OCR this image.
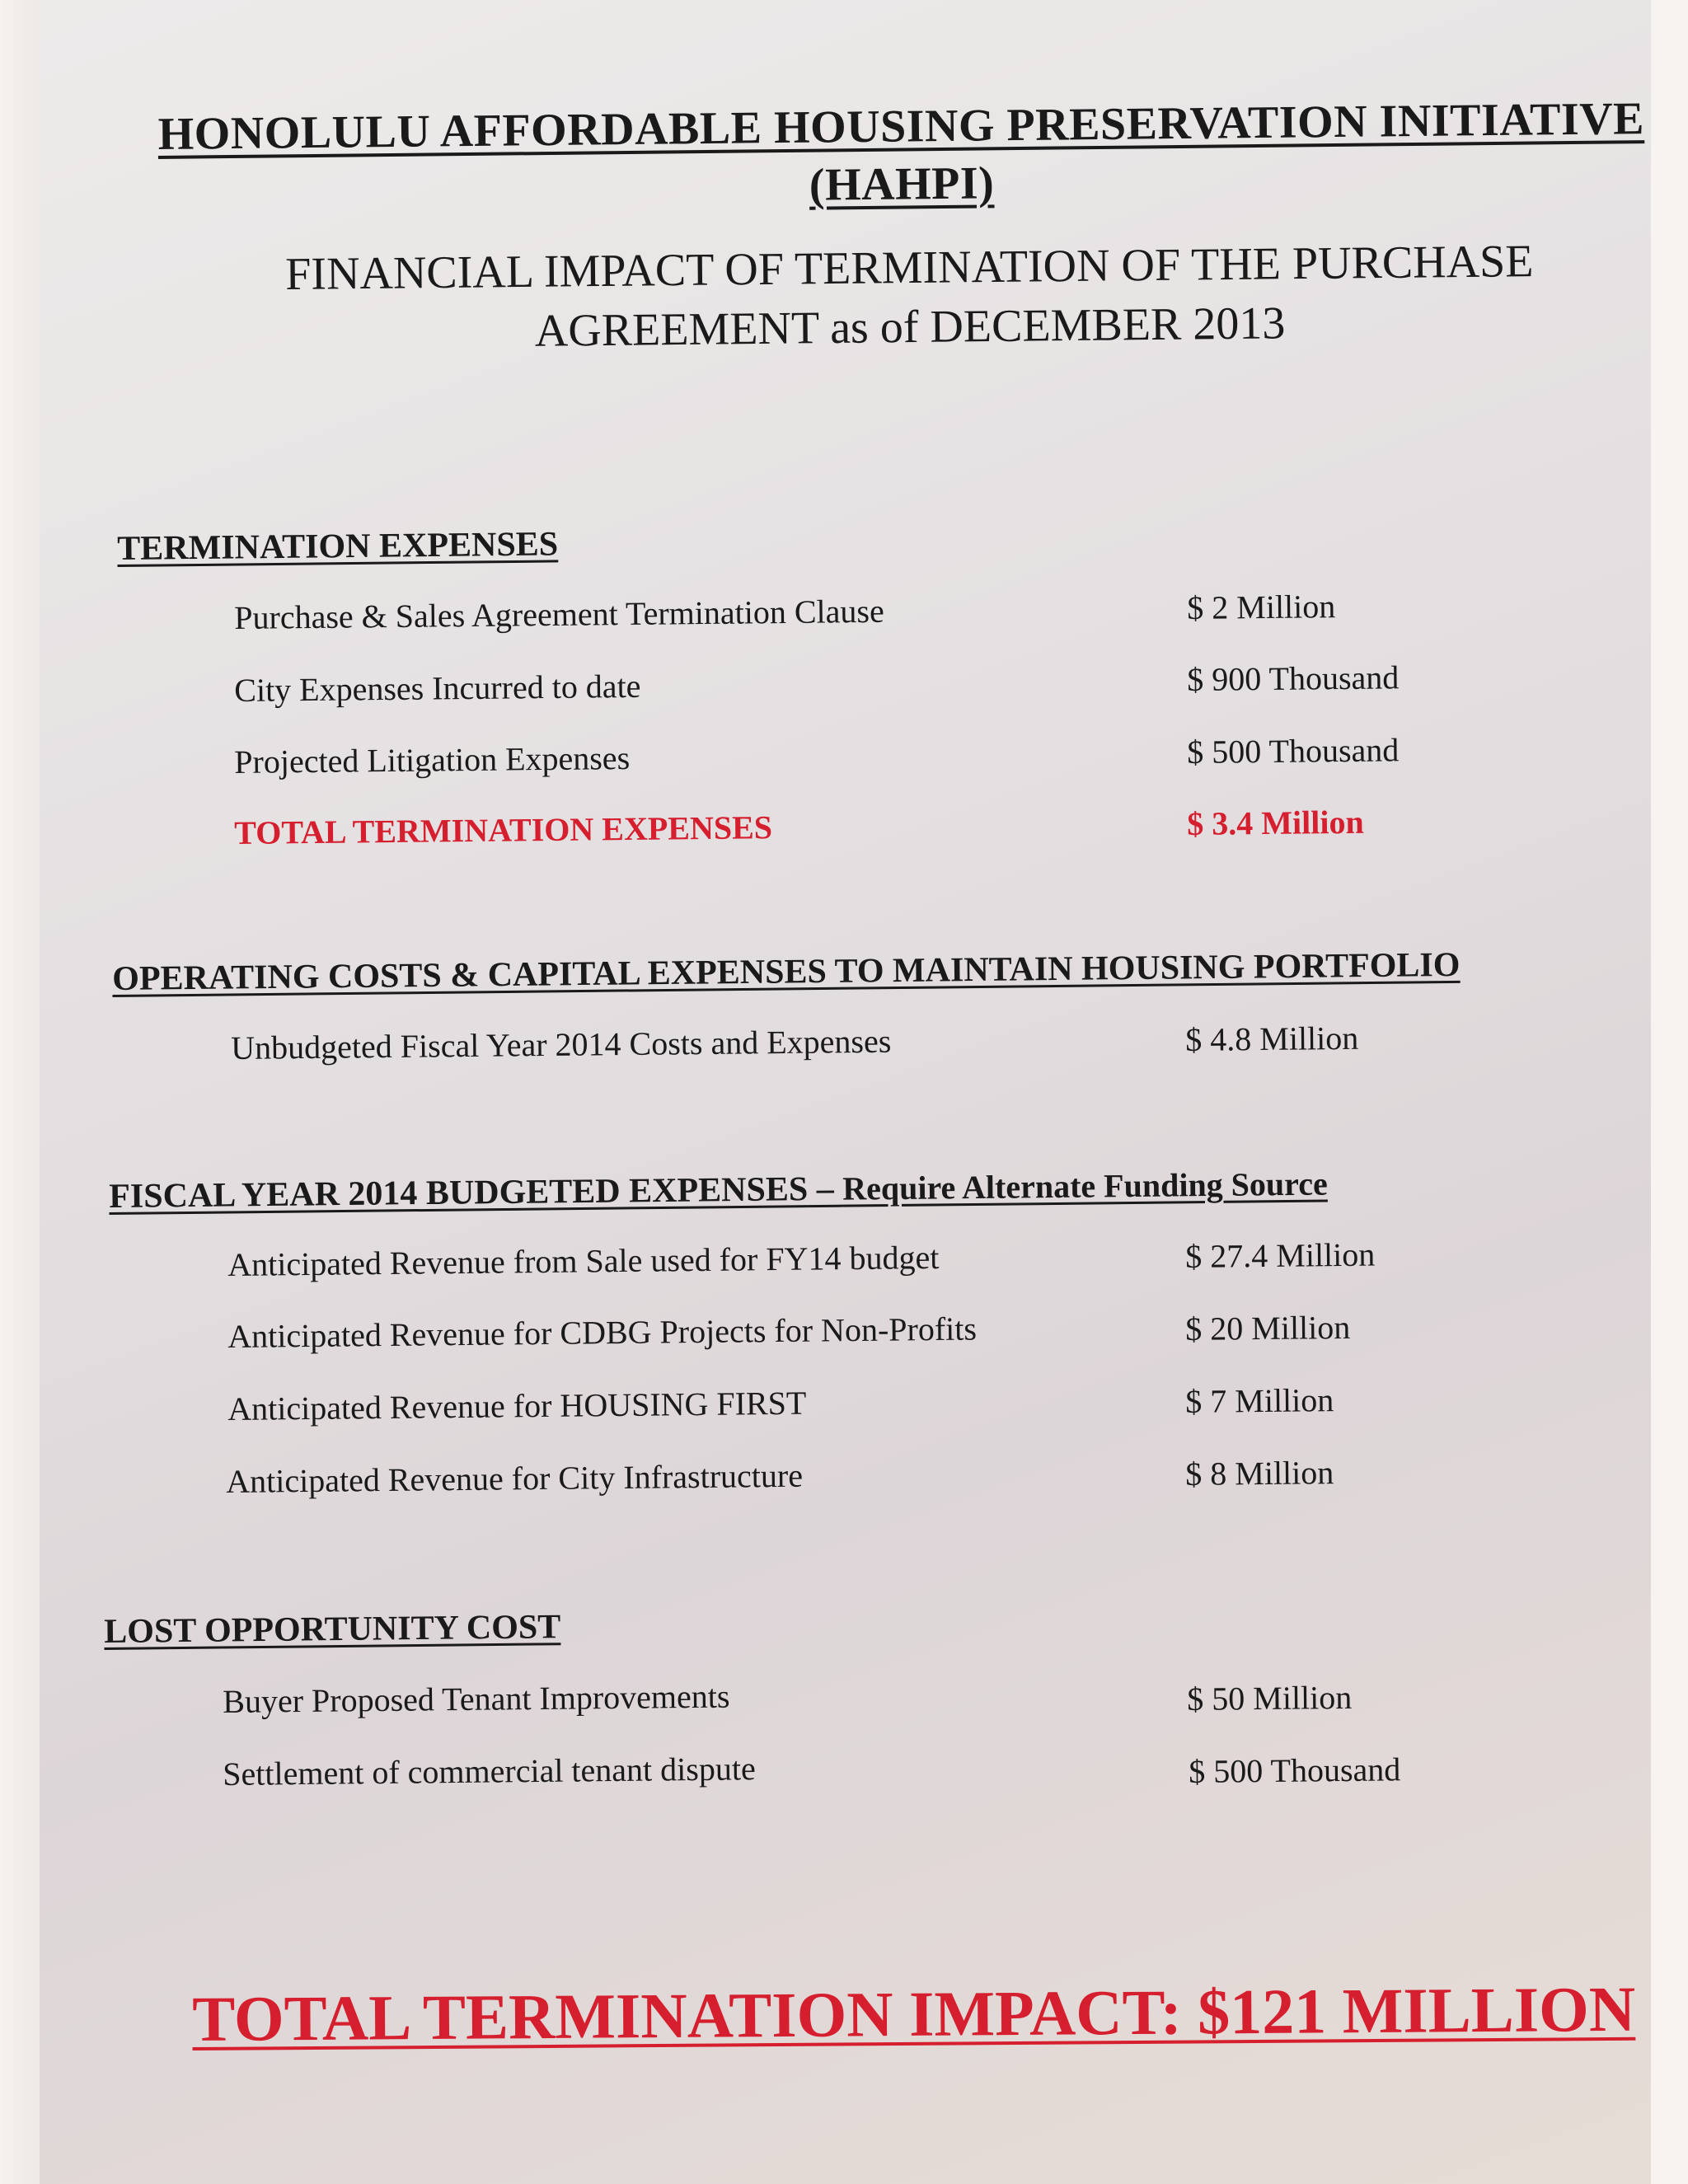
HONOLULU AFFORDABLE HOUSING PRESERVATION INITIATIVE
(HAHPI)
FINANCIAL IMPACT OF TERMINATION OF THE PURCHASE
AGREEMENT as of DECEMBER 2013
TERMINATION EXPENSES
Purchase & Sales Agreement Termination Clause	$ 2 Million
City Expenses Incurred to date	$ 900 Thousand
Projected Litigation Expenses	$ 500 Thousand
TOTAL TERMINATION EXPENSES	$ 3.4 Million
OPERATING COSTS & CAPITAL EXPENSES TO MAINTAIN HOUSING PORTFOLIO
Unbudgeted Fiscal Year 2014 Costs and Expenses	$ 4.8 Million
FISCAL YEAR 2014 BUDGETED EXPENSES – Require Alternate Funding Source
Anticipated Revenue from Sale used for FY14 budget	$ 27.4 Million
Anticipated Revenue for CDBG Projects for Non-Profits	$ 20 Million
Anticipated Revenue for HOUSING FIRST	$ 7 Million
Anticipated Revenue for City Infrastructure	$ 8 Million
LOST OPPORTUNITY COST
Buyer Proposed Tenant Improvements	$ 50 Million
Settlement of commercial tenant dispute	$ 500 Thousand
TOTAL TERMINATION IMPACT: $121 MILLION
